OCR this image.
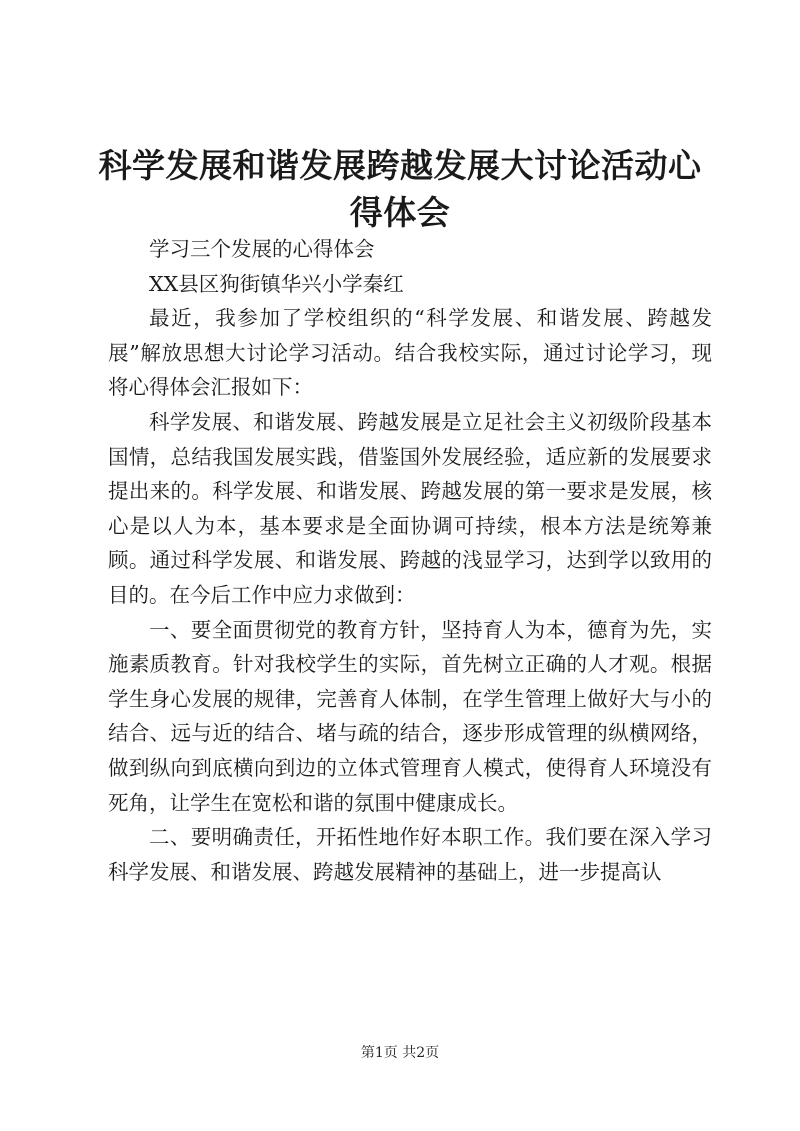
科学发展和谐发展跨越发展大讨论活动心得体会

学习三个发展的心得体会

XX县区狗街镇华兴小学秦红

最近，我参加了学校组织的“科学发展、和谐发展、跨越发展”解放思想大讨论学习活动。结合我校实际，通过讨论学习，现将心得体会汇报如下：

科学发展、和谐发展、跨越发展是立足社会主义初级阶段基本国情，总结我国发展实践，借鉴国外发展经验，适应新的发展要求提出来的。科学发展、和谐发展、跨越发展的第一要求是发展，核心是以人为本，基本要求是全面协调可持续，根本方法是统筹兼顾。通过科学发展、和谐发展、跨越的浅显学习，达到学以致用的目的。在今后工作中应力求做到：

一、要全面贯彻党的教育方针，坚持育人为本，德育为先，实施素质教育。针对我校学生的实际，首先树立正确的人才观。根据学生身心发展的规律，完善育人体制，在学生管理上做好大与小的结合、远与近的结合、堵与疏的结合，逐步形成管理的纵横网络，做到纵向到底横向到边的立体式管理育人模式，使得育人环境没有死角，让学生在宽松和谐的氛围中健康成长。

二、要明确责任，开拓性地作好本职工作。我们要在深入学习科学发展、和谐发展、跨越发展精神的基础上，进一步提高认

第1页 共2页
